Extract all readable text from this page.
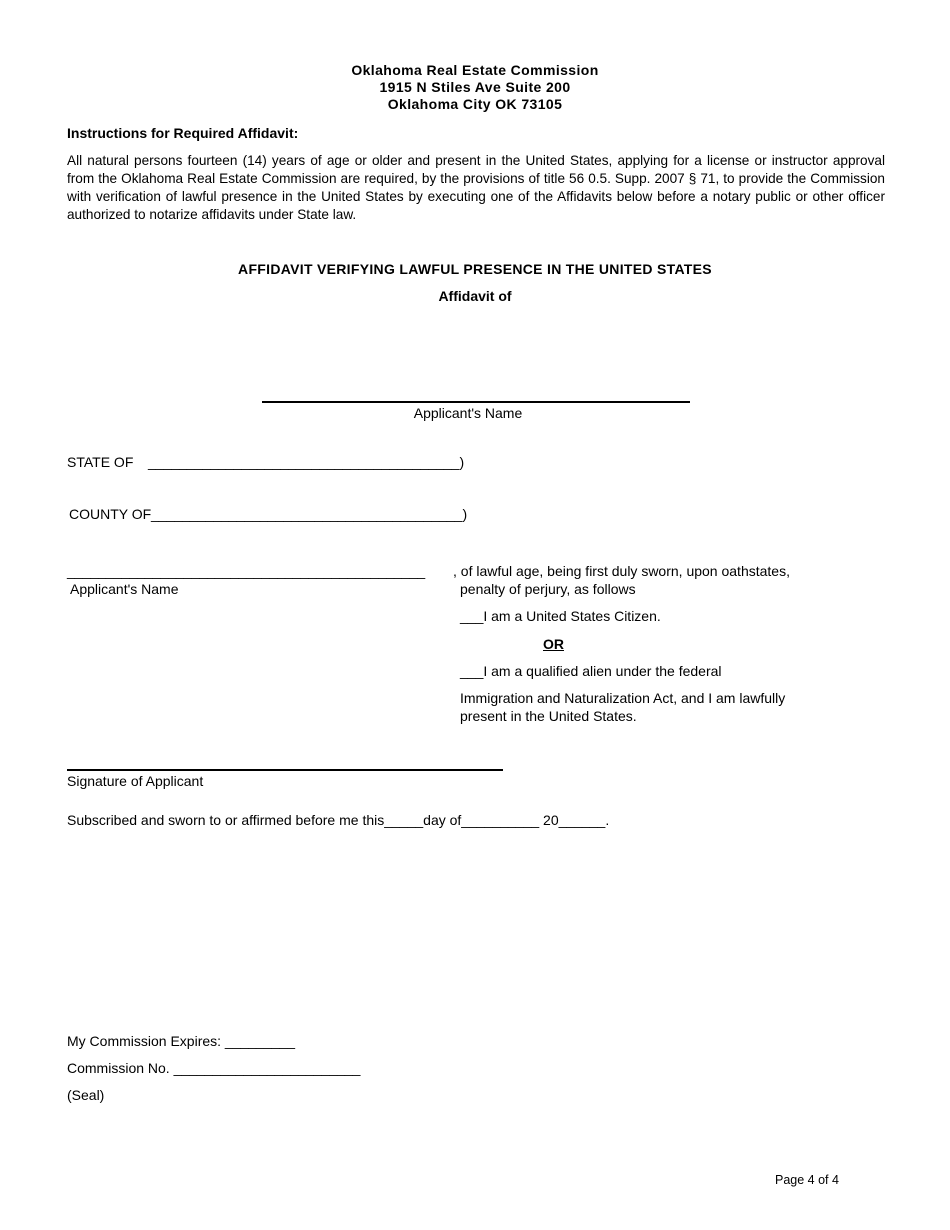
Oklahoma Real Estate Commission
1915 N Stiles Ave Suite 200
Oklahoma City OK 73105
Instructions for Required Affidavit:
All natural persons fourteen (14) years of age or older and present in the United States, applying for a license or instructor approval from the Oklahoma Real Estate Commission are required, by the provisions of title 56 0.5. Supp. 2007 § 71, to provide the Commission with verification of lawful presence in the United States by executing one of the Affidavits below before a notary public or other officer authorized to notarize affidavits under State law.
AFFIDAVIT VERIFYING LAWFUL PRESENCE IN THE UNITED STATES
Affidavit of
Applicant's Name
STATE OF ________________________________________)
COUNTY OF ________________________________________)
______________________________________________
Applicant's Name
, of lawful age, being first duly sworn, upon oathstates,
penalty of perjury, as follows
___I am a United States Citizen.
OR
___I am a qualified alien under the federal
Immigration and Naturalization Act, and I am lawfully
present in the United States.
Signature of Applicant
Subscribed and sworn to or affirmed before me this_____day of__________ 20______.
My Commission Expires: _________
Commission No. ________________________
(Seal)
Page 4 of 4
